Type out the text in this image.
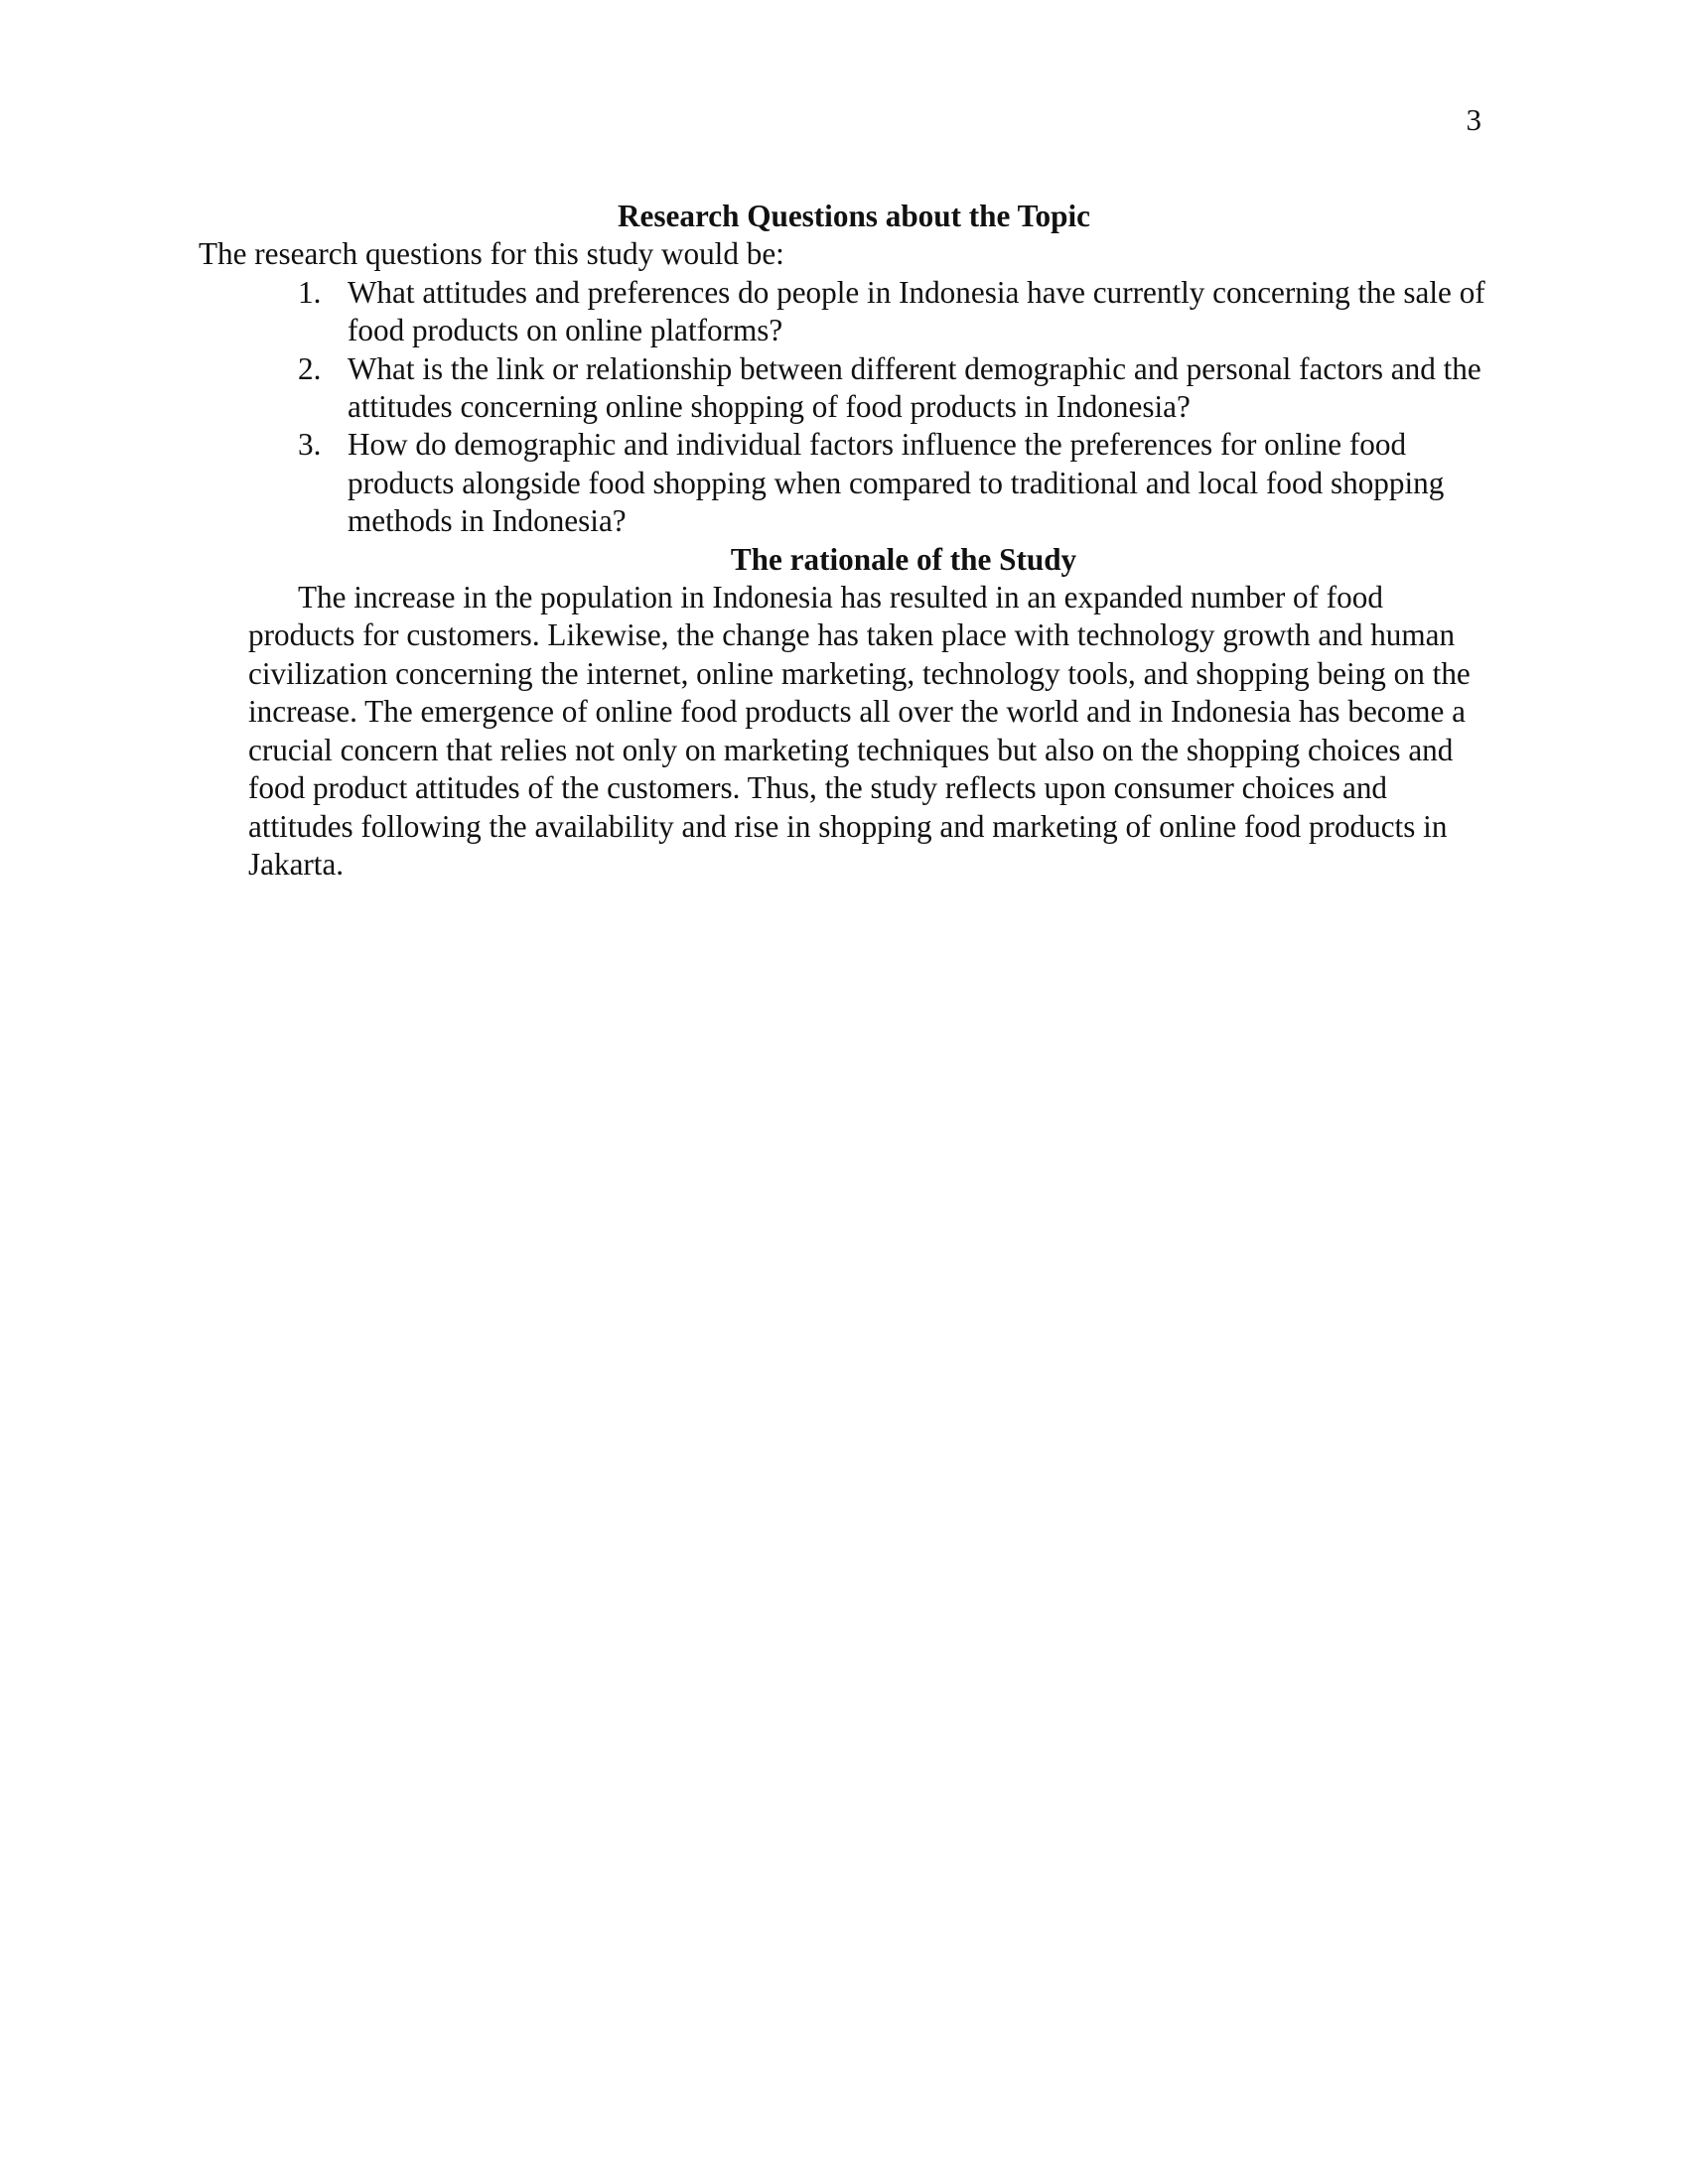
3

Research Questions about the Topic

The research questions for this study would be:

1. What attitudes and preferences do people in Indonesia have currently concerning the sale of food products on online platforms?
2. What is the link or relationship between different demographic and personal factors and the attitudes concerning online shopping of food products in Indonesia?
3. How do demographic and individual factors influence the preferences for online food products alongside food shopping when compared to traditional and local food shopping methods in Indonesia?

The rationale of the Study

The increase in the population in Indonesia has resulted in an expanded number of food products for customers. Likewise, the change has taken place with technology growth and human civilization concerning the internet, online marketing, technology tools, and shopping being on the increase. The emergence of online food products all over the world and in Indonesia has become a crucial concern that relies not only on marketing techniques but also on the shopping choices and food product attitudes of the customers. Thus, the study reflects upon consumer choices and attitudes following the availability and rise in shopping and marketing of online food products in Jakarta.
